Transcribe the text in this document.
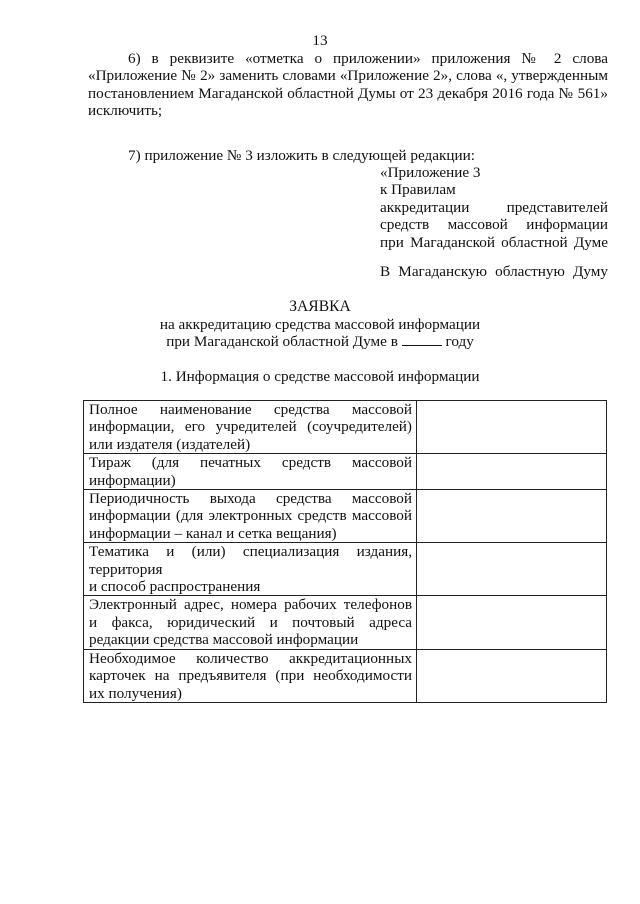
13
6) в реквизите «отметка о приложении» приложения № 2 слова
«Приложение № 2» заменить словами «Приложение 2», слова «, утвержденным
постановлением Магаданской областной Думы от 23 декабря 2016 года № 561»
исключить;
7) приложение № 3 изложить в следующей редакции:
«Приложение 3
к Правилам
аккредитации представителей
средств массовой информации
при Магаданской областной Думе
В Магаданскую областную Думу
ЗАЯВКА
на аккредитацию средства массовой информации
при Магаданской областной Думе в	году
1. Информация о средстве массовой информации
Полное наименование средства массовой
информации, его учредителей (соучредителей)
или издателя (издателей)	

Тираж (для печатных средств массовой
информации)	

Периодичность выхода средства массовой
информации (для электронных средств массовой
информации – канал и сетка вещания)	

Тематика и (или) специализация издания,
территория
и способ распространения	

Электронный адрес, номера рабочих телефонов
и факса, юридический и почтовый адреса
редакции средства массовой информации	

Необходимое количество аккредитационных
карточек на предъявителя (при необходимости
их получения)	
